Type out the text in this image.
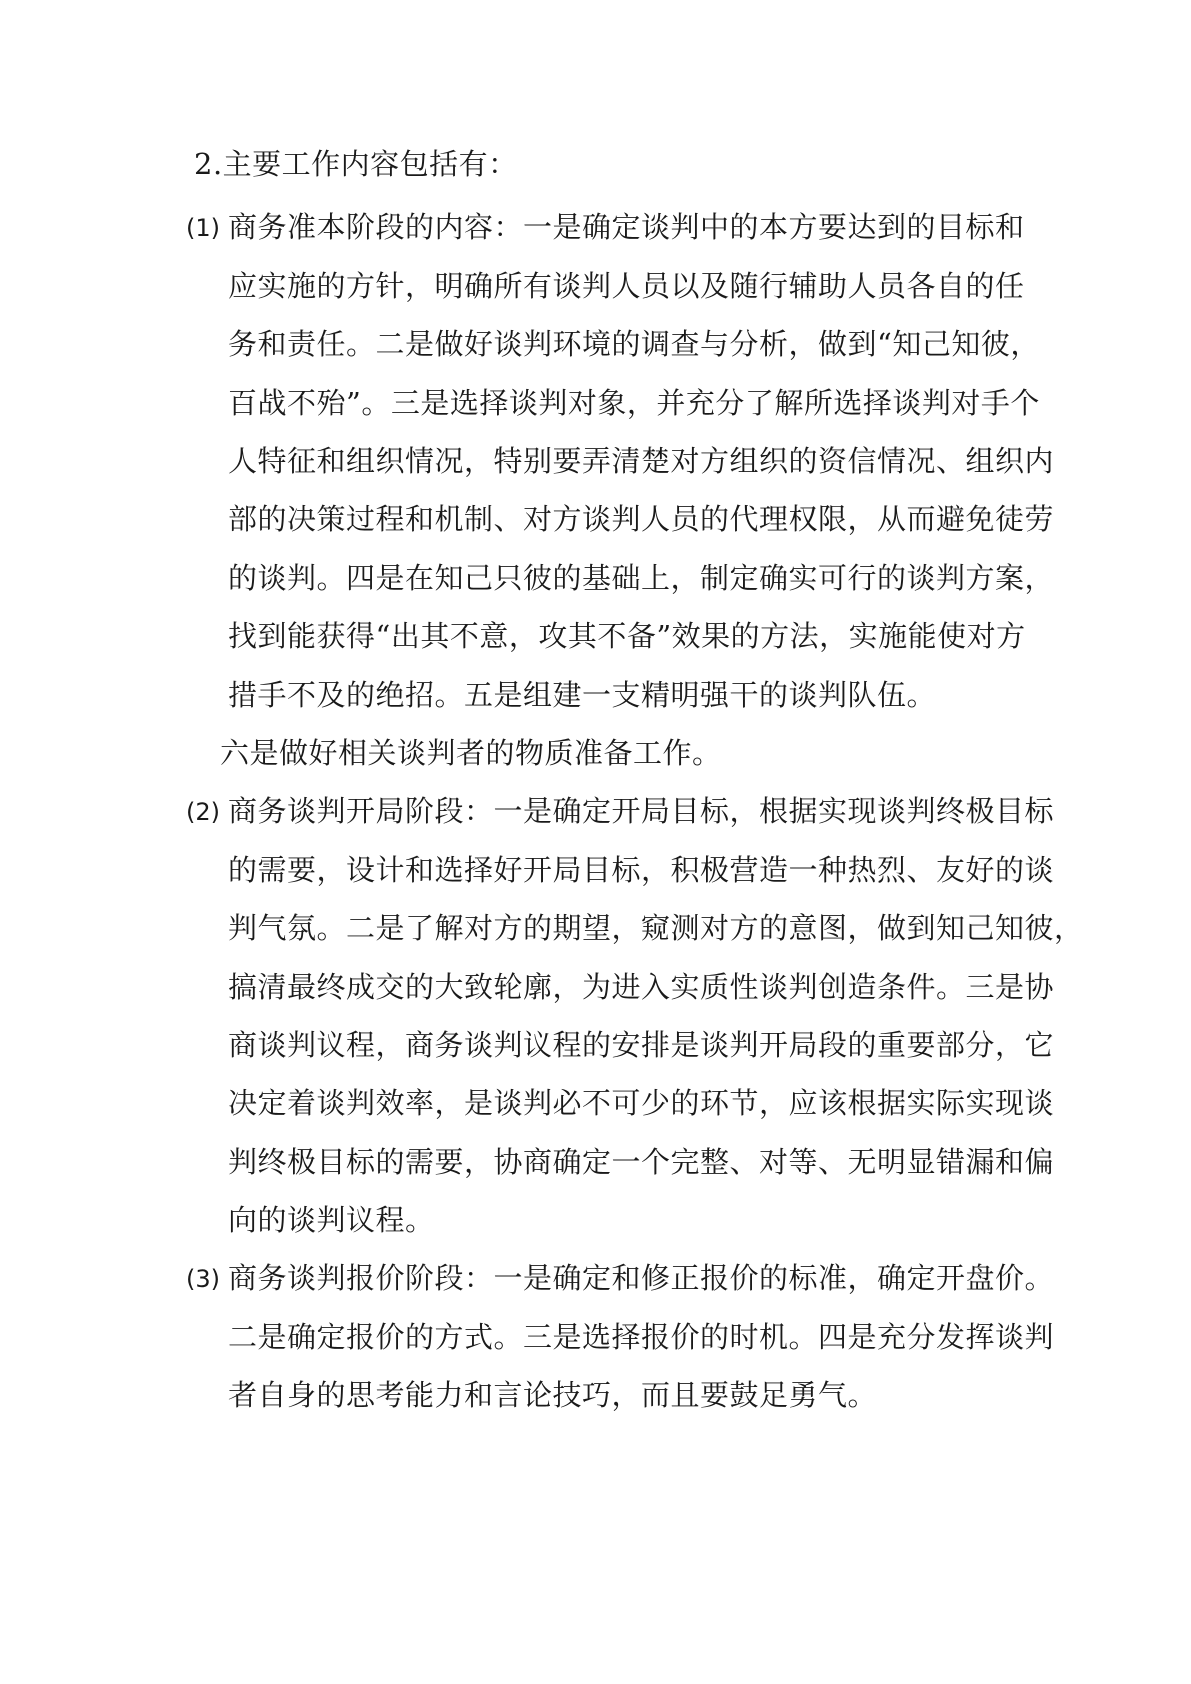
2.主要工作内容包括有：
(1) 商务准本阶段的内容：一是确定谈判中的本方要达到的目标和
应实施的方针，明确所有谈判人员以及随行辅助人员各自的任
务和责任。二是做好谈判环境的调查与分析，做到“知己知彼，
百战不殆”。三是选择谈判对象，并充分了解所选择谈判对手个
人特征和组织情况，特别要弄清楚对方组织的资信情况、组织内
部的决策过程和机制、对方谈判人员的代理权限，从而避免徒劳
的谈判。四是在知己只彼的基础上，制定确实可行的谈判方案，
找到能获得“出其不意，攻其不备”效果的方法，实施能使对方
措手不及的绝招。五是组建一支精明强干的谈判队伍。
六是做好相关谈判者的物质准备工作。
(2) 商务谈判开局阶段：一是确定开局目标，根据实现谈判终极目标
的需要，设计和选择好开局目标，积极营造一种热烈、友好的谈
判气氛。二是了解对方的期望，窥测对方的意图，做到知己知彼，
搞清最终成交的大致轮廓，为进入实质性谈判创造条件。三是协
商谈判议程，商务谈判议程的安排是谈判开局段的重要部分，它
决定着谈判效率，是谈判必不可少的环节，应该根据实际实现谈
判终极目标的需要，协商确定一个完整、对等、无明显错漏和偏
向的谈判议程。
(3) 商务谈判报价阶段：一是确定和修正报价的标准，确定开盘价。
二是确定报价的方式。三是选择报价的时机。四是充分发挥谈判
者自身的思考能力和言论技巧，而且要鼓足勇气。
